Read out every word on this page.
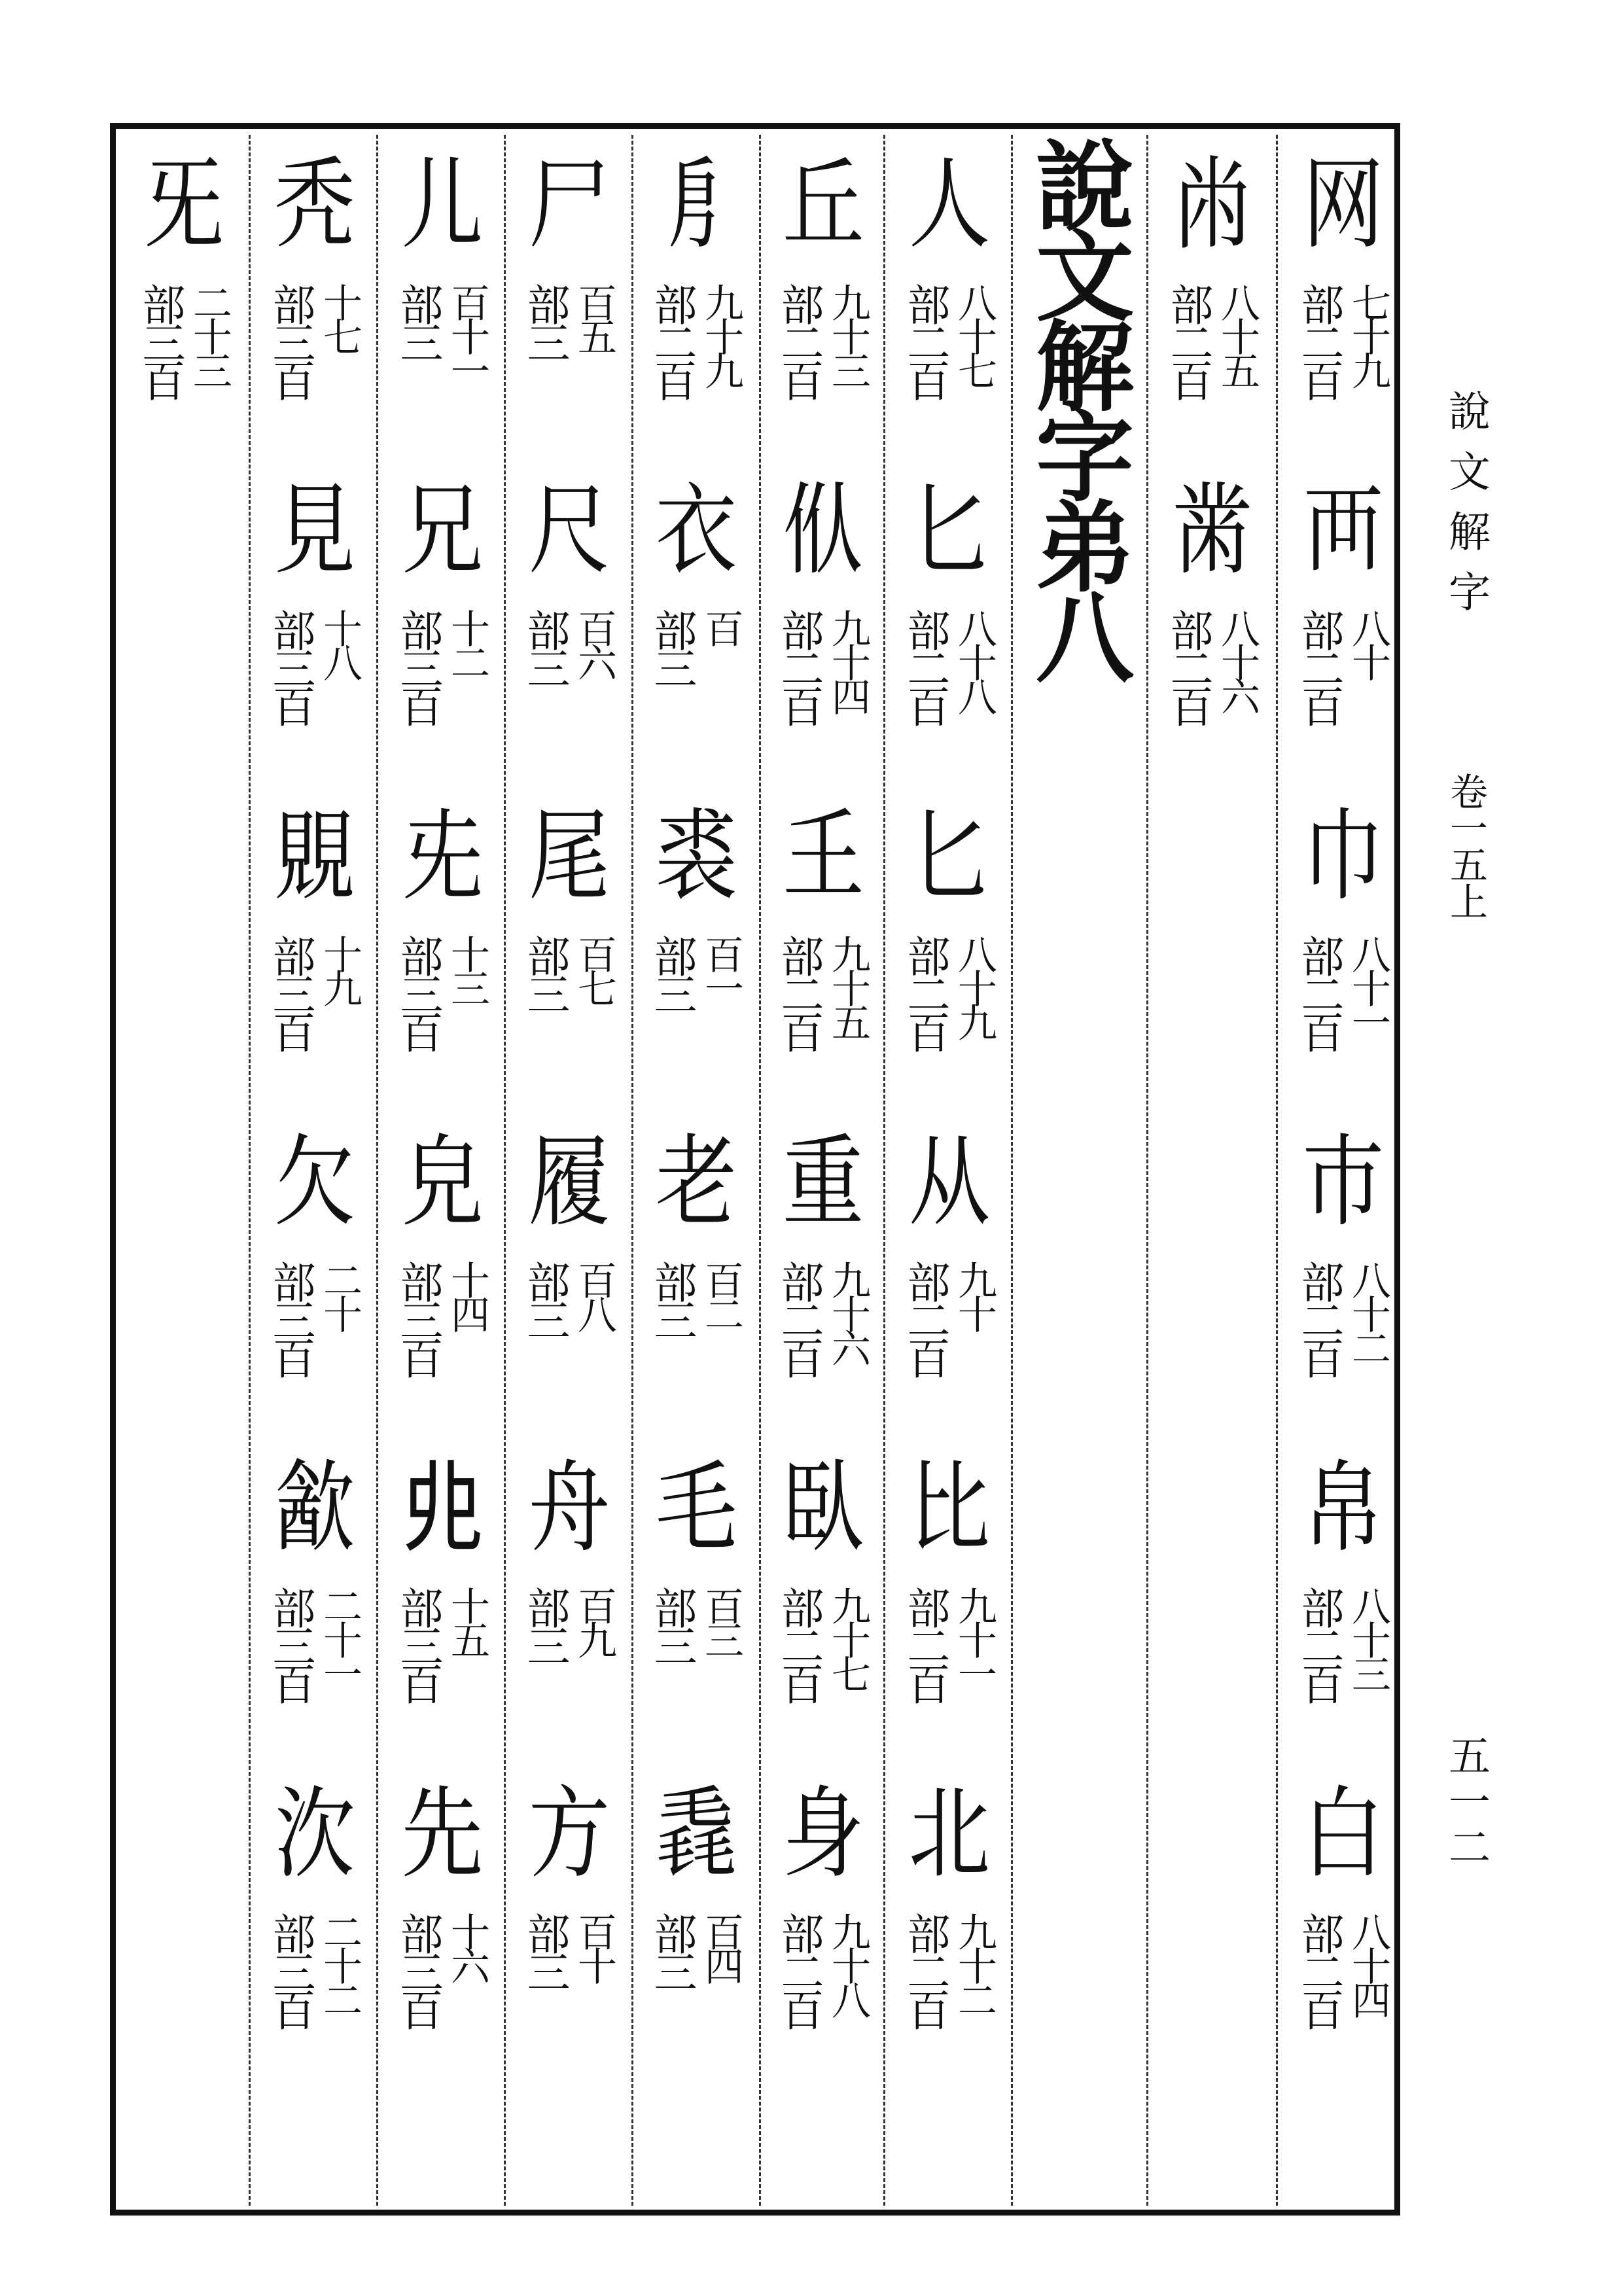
网
部二百 七十九
襾
部二百 八十
巾
部二百 八十一
巿
部二百 八十二
帛
部二百 八十三
白
部二百 八十四
㡀
部二百 八十五
黹
部二百 八十六
說文解字弟八
人
部二百 八十七
匕
部二百 八十八
匕
部二百 八十九
从
部二百 九十
比
部二百 九十一
北
部二百 九十二
丘
部二百 九十三
㐺
部二百 九十四
𡈼
部二百 九十五
重
部二百 九十六
臥
部二百 九十七
身
部二百 九十八
㐆
部二百 九十九
衣
部三 百
裘
部三 百一
老
部三 百二
毛
部三 百三
毳
部三 百四
尸
部三 百五
尺
部三 百六
尾
部三 百七
履
部三 百八
舟
部三 百九
方
部三 百十
儿
部三 百十一
兄
部三百 十二
兂
部三百 十三
皃
部三百 十四
𠑹
部三百 十五
先
部三百 十六
秃
部三百 十七
見
部三百 十八
覞
部三百 十九
欠
部三百 二十
㱃
部三百 二十一
㳄
部三百 二十二
旡
部三百 二十三
說文解字
卷一五上
五一二
